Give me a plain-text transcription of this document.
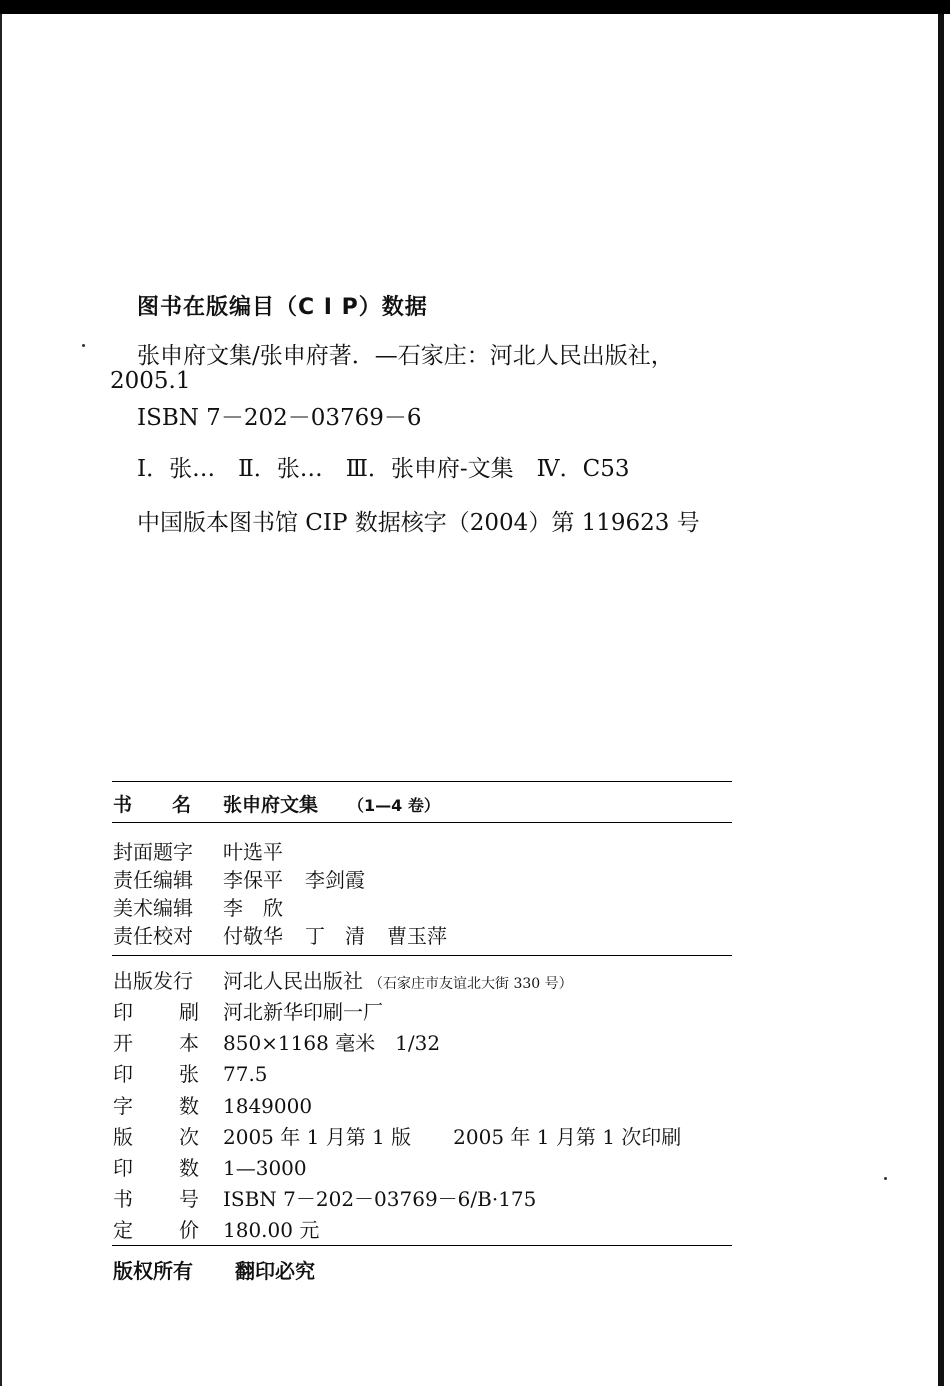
图书在版编目（C I P）数据
张申府文集/张申府著．—石家庄：河北人民出版社，
2005.1
ISBN 7－202－03769－6
Ⅰ．张…　Ⅱ．张…　Ⅲ．张申府-文集　Ⅳ．C53
中国版本图书馆 CIP 数据核字（2004）第 119623 号
书 名 张申府文集 （1—4 卷）
封面题字 叶选平
责任编辑 李保平 李剑霞
美术编辑 李　欣
责任校对 付敬华 丁　清 曹玉萍
出版发行 河北人民出版社 （石家庄市友谊北大街 330 号）
印 刷 河北新华印刷一厂
开 本 850×1168 毫米　1/32
印 张 77.5
字 数 1849000
版 次 2005 年 1 月第 1 版 2005 年 1 月第 1 次印刷
印 数 1—3000
书 号 ISBN 7－202－03769－6/B·175
定 价 180.00 元
版权所有 翻印必究
